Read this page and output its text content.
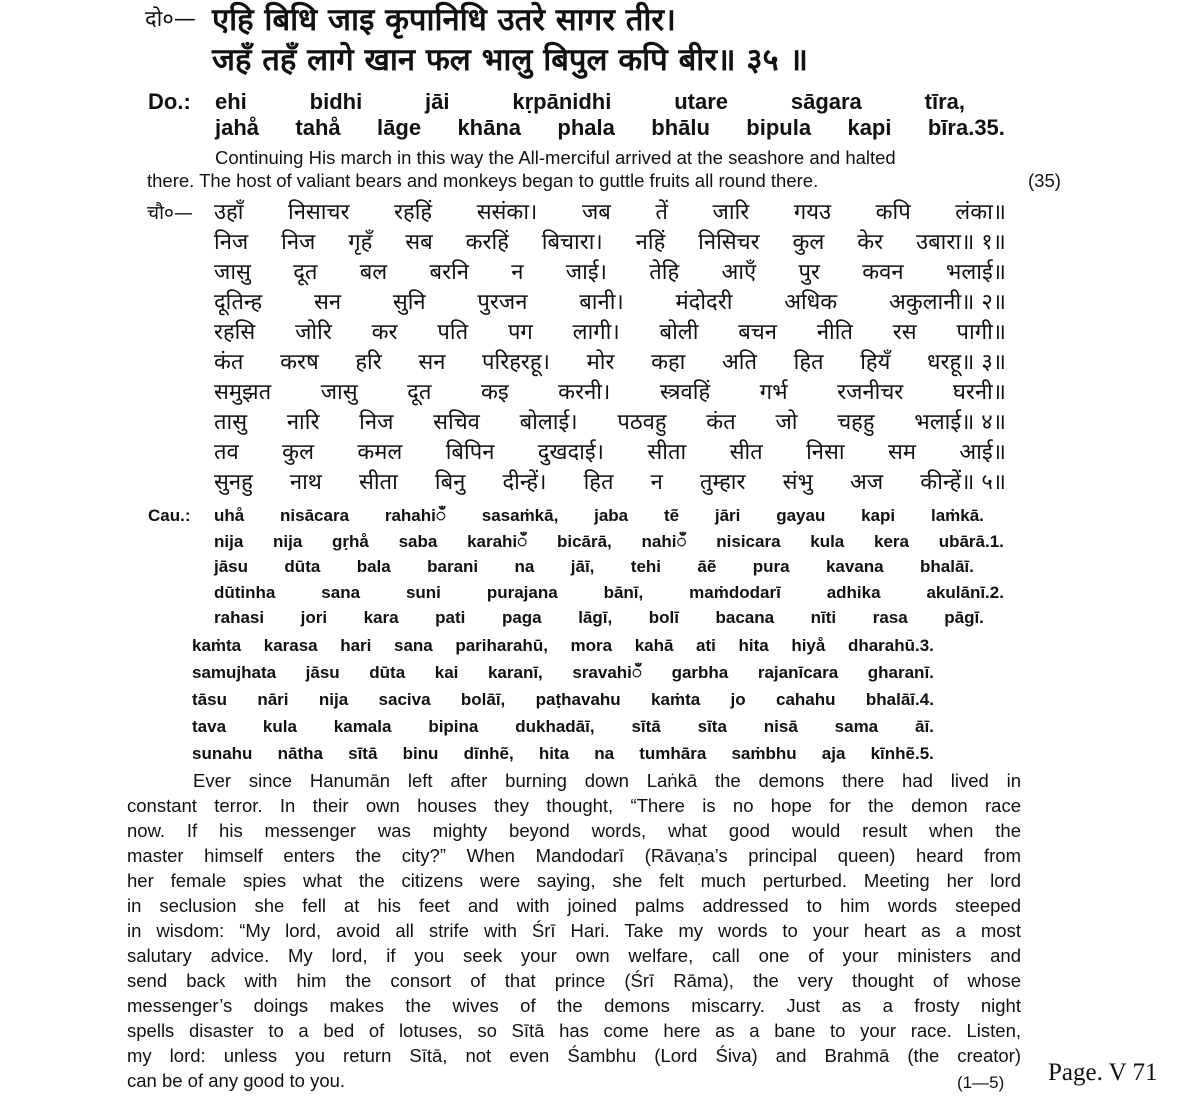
दो०— एहि बिधि जाइ कृपानिधि उतरे सागर तीर।
जहँ तहँ लागे खान फल भालु बिपुल कपि बीर॥ ३५ ॥
Do.: ehi	bidhi	jāi	kṛpānidhi	utare	sāgara	tīra,
jahå tahå lāge khāna phala bhālu bipula kapi bīra.35.
Continuing His march in this way the All-merciful arrived at the seashore and halted
there. The host of valiant bears and monkeys began to guttle fruits all round there.	(35)
चौ०— उहाँ निसाचर रहहिं ससंका। जब तें जारि गयउ कपि लंका॥
निज निज गृहँ सब करहिं बिचारा। नहिं निसिचर कुल केर उबारा॥ १॥
जासु दूत बल बरनि न जाई। तेहि आएँ पुर कवन भलाई॥
दूतिन्ह सन सुनि पुरजन बानी। मंदोदरी अधिक अकुलानी॥ २॥
रहसि जोरि कर पति पग लागी। बोली बचन नीति रस पागी॥
कंत करष हरि सन परिहरहू। मोर कहा अति हित हियँ धरहू॥ ३॥
समुझत जासु दूत कइ करनी। स्त्रवहिं गर्भ रजनीचर घरनी॥
तासु नारि निज सचिव बोलाई। पठवहु कंत जो चहहु भलाई॥ ४॥
तव कुल कमल बिपिन दुखदाई। सीता सीत निसा सम आई॥
सुनहु नाथ सीता बिनु दीन्हें। हित न तुम्हार संभु अज कीन्हें॥ ५॥
Cau.: uhå nisācara rahahiँ sasaṁkā, jaba tẽ jāri gayau kapi laṁkā.
nija nija gṛhå saba karahiँ bicārā, nahiँ nisicara kula kera ubārā.1.
jāsu dūta bala barani na jāī, tehi āẽ pura kavana bhalāī.
dūtinha	sana	suni	purajana	bānī,	maṁdodarī	adhika	akulānī.2.
rahasi jori kara pati paga lāgī, bolī bacana nīti rasa pāgī.
kaṁta karasa hari sana pariharahū, mora kahā ati hita hiyå dharahū.3.
samujhata jāsu dūta kai karanī, sravahiँ garbha rajanīcara gharanī.
tāsu nāri nija saciva bolāī, paṭhavahu kaṁta jo cahahu bhalāī.4.
tava kula kamala bipina dukhadāī, sītā sīta nisā sama āī.
sunahu nātha sītā binu dīnhẽ, hita na tumhāra saṁbhu aja kīnhẽ.5.
Ever since Hanumān left after burning down Laṅkā the demons there had lived in
constant terror. In their own houses they thought, “There is no hope for the demon race
now. If his messenger was mighty beyond words, what good would result when the
master himself enters the city?” When Mandodarī (Rāvaṇa’s principal queen) heard from
her female spies what the citizens were saying, she felt much perturbed. Meeting her lord
in seclusion she fell at his feet and with joined palms addressed to him words steeped
in wisdom: “My lord, avoid all strife with Śrī Hari. Take my words to your heart as a most
salutary advice. My lord, if you seek your own welfare, call one of your ministers and
send back with him the consort of that prince (Śrī Rāma), the very thought of whose
messenger’s doings makes the wives of the demons miscarry. Just as a frosty night
spells disaster to a bed of lotuses, so Sītā has come here as a bane to your race. Listen,
my lord: unless you return Sītā, not even Śambhu (Lord Śiva) and Brahmā (the creator)
can be of any good to you.	(1—5) Page. V 71
